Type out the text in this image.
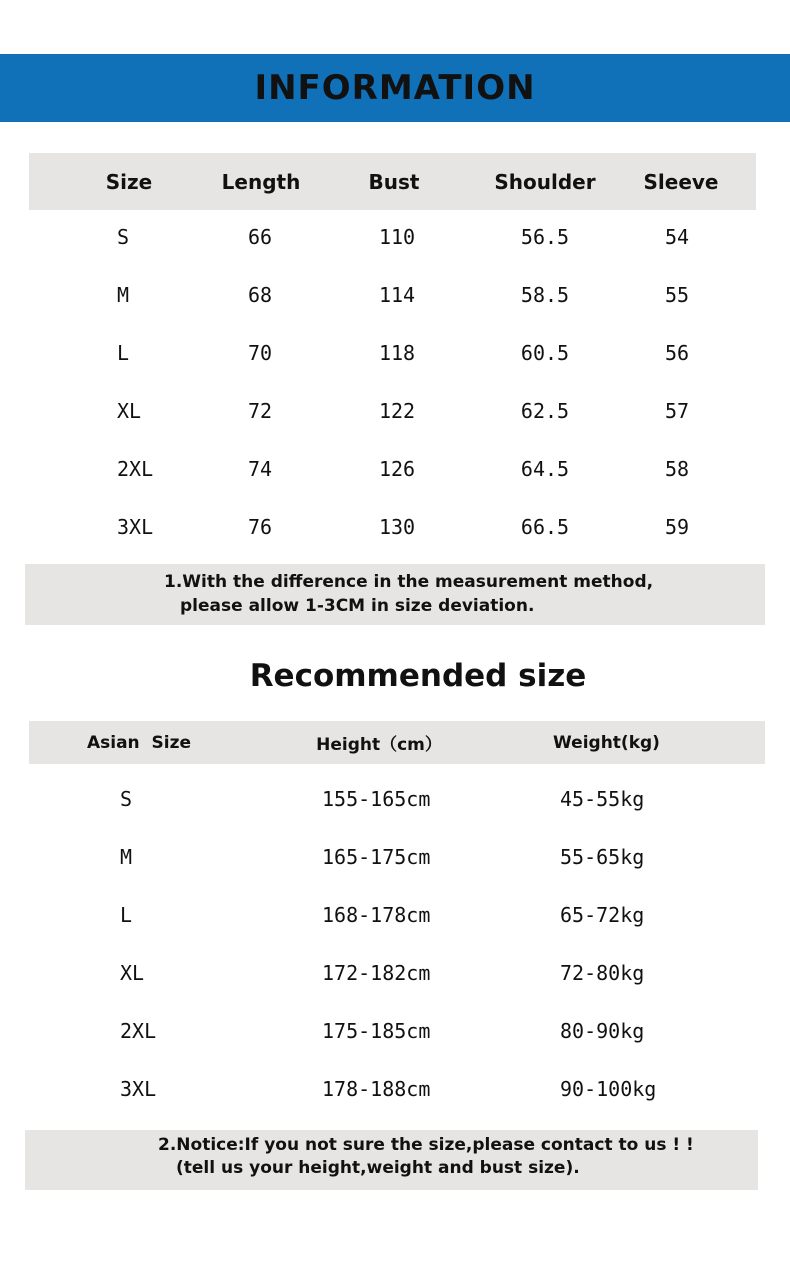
INFORMATION
Size	Length	Bust	Shoulder	Sleeve
S	66	110	56.5	54
M	68	114	58.5	55
L	70	118	60.5	56
XL	72	122	62.5	57
2XL	74	126	64.5	58
3XL	76	130	66.5	59
1.With the difference in the measurement method,
please allow 1-3CM in size deviation.
Recommended size
Asian  Size	Height（cm）	Weight(kg)
S	155-165cm	45-55kg
M	165-175cm	55-65kg
L	168-178cm	65-72kg
XL	172-182cm	72-80kg
2XL	175-185cm	80-90kg
3XL	178-188cm	90-100kg
2.Notice:If you not sure the size,please contact to us ! !
(tell us your height,weight and bust size).
